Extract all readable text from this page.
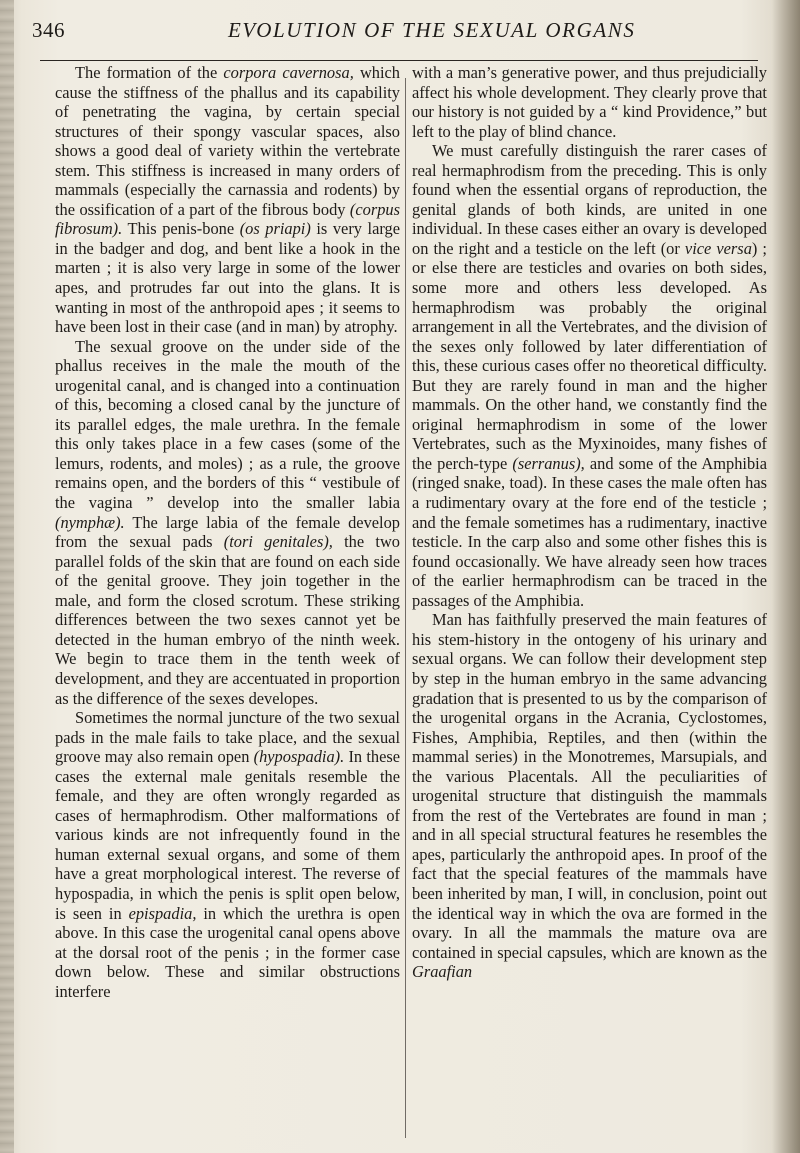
346	EVOLUTION OF THE SEXUAL ORGANS

The formation of the corpora cavernosa, which cause the stiffness of the phallus and its capability of penetrating the vagina, by certain special structures of their spongy vascular spaces, also shows a good deal of variety within the vertebrate stem. This stiffness is increased in many orders of mammals (especially the carnassia and rodents) by the ossification of a part of the fibrous body (corpus fibrosum). This penis-bone (os priapi) is very large in the badger and dog, and bent like a hook in the marten ; it is also very large in some of the lower apes, and protrudes far out into the glans. It is wanting in most of the anthropoid apes ; it seems to have been lost in their case (and in man) by atrophy.

The sexual groove on the under side of the phallus receives in the male the mouth of the urogenital canal, and is changed into a continuation of this, becoming a closed canal by the juncture of its parallel edges, the male urethra. In the female this only takes place in a few cases (some of the lemurs, rodents, and moles) ; as a rule, the groove remains open, and the borders of this “ vestibule of the vagina ” develop into the smaller labia (nymphæ). The large labia of the female develop from the sexual pads (tori genitales), the two parallel folds of the skin that are found on each side of the genital groove. They join together in the male, and form the closed scrotum. These striking differences between the two sexes cannot yet be detected in the human embryo of the ninth week. We begin to trace them in the tenth week of development, and they are accentuated in proportion as the difference of the sexes developes.

Sometimes the normal juncture of the two sexual pads in the male fails to take place, and the sexual groove may also remain open (hypospadia). In these cases the external male genitals resemble the female, and they are often wrongly regarded as cases of hermaphrodism. Other malformations of various kinds are not infrequently found in the human external sexual organs, and some of them have a great morphological interest. The reverse of hypospadia, in which the penis is split open below, is seen in epispadia, in which the urethra is open above. In this case the urogenital canal opens above at the dorsal root of the penis ; in the former case down below. These and similar obstructions interfere

with a man’s generative power, and thus prejudicially affect his whole development. They clearly prove that our history is not guided by a “ kind Providence,” but left to the play of blind chance.

We must carefully distinguish the rarer cases of real hermaphrodism from the preceding. This is only found when the essential organs of reproduction, the genital glands of both kinds, are united in one individual. In these cases either an ovary is developed on the right and a testicle on the left (or vice versa) ; or else there are testicles and ovaries on both sides, some more and others less developed. As hermaphrodism was probably the original arrangement in all the Vertebrates, and the division of the sexes only followed by later differentiation of this, these curious cases offer no theoretical difficulty. But they are rarely found in man and the higher mammals. On the other hand, we constantly find the original hermaphrodism in some of the lower Vertebrates, such as the Myxinoides, many fishes of the perch-type (serranus), and some of the Amphibia (ringed snake, toad). In these cases the male often has a rudimentary ovary at the fore end of the testicle ; and the female sometimes has a rudimentary, inactive testicle. In the carp also and some other fishes this is found occasionally. We have already seen how traces of the earlier hermaphrodism can be traced in the passages of the Amphibia.

Man has faithfully preserved the main features of his stem-history in the ontogeny of his urinary and sexual organs. We can follow their development step by step in the human embryo in the same advancing gradation that is presented to us by the comparison of the urogenital organs in the Acrania, Cyclostomes, Fishes, Amphibia, Reptiles, and then (within the mammal series) in the Monotremes, Marsupials, and the various Placentals. All the peculiarities of urogenital structure that distinguish the mammals from the rest of the Vertebrates are found in man ; and in all special structural features he resembles the apes, particularly the anthropoid apes. In proof of the fact that the special features of the mammals have been inherited by man, I will, in conclusion, point out the identical way in which the ova are formed in the ovary. In all the mammals the mature ova are contained in special capsules, which are known as the Graafian
